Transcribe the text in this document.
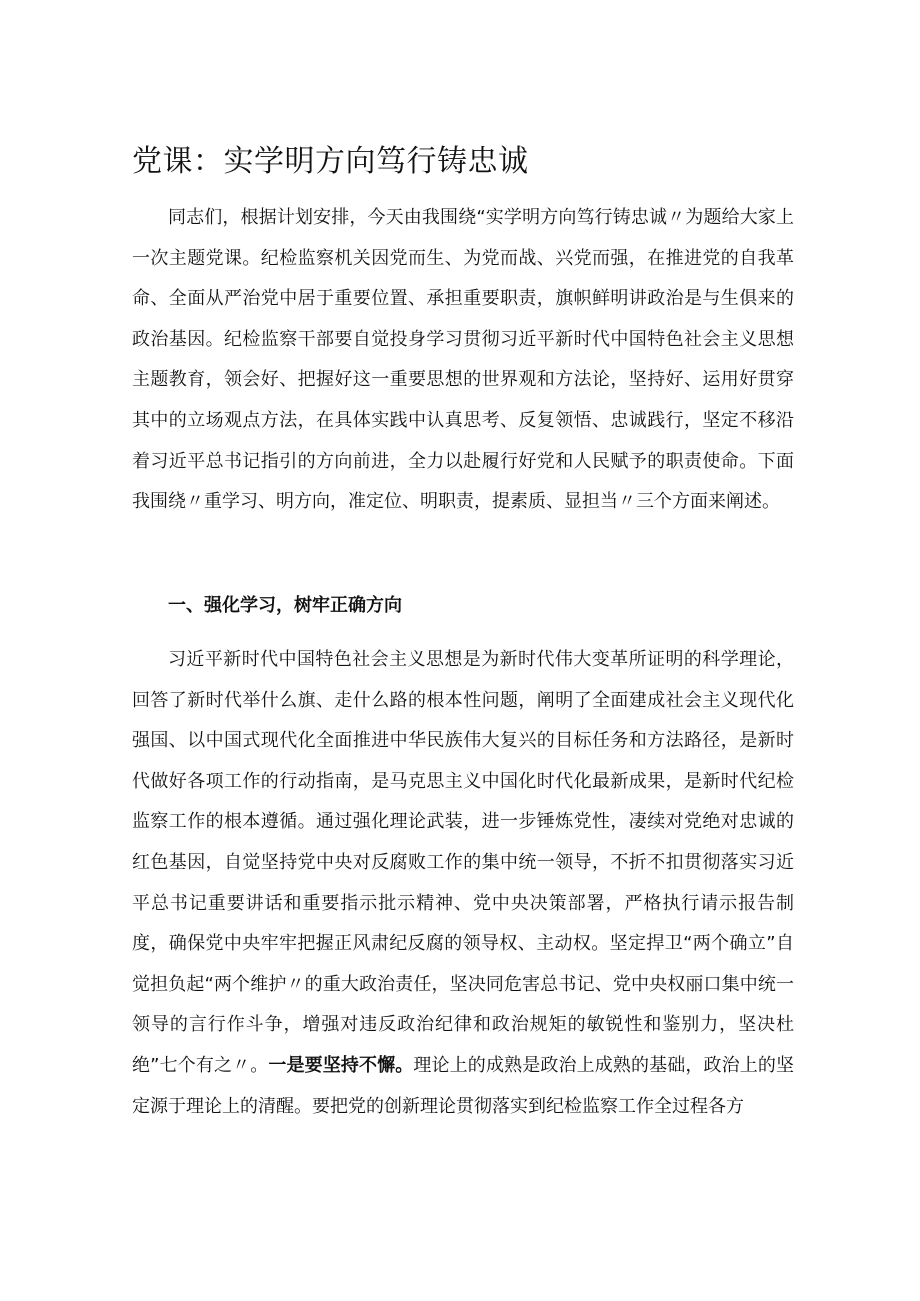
党课：实学明方向笃行铸忠诚

同志们，根据计划安排，今天由我围绕“实学明方向笃行铸忠诚〃为题给大家上一次主题党课。纪检监察机关因党而生、为党而战、兴党而强，在推进党的自我革命、全面从严治党中居于重要位置、承担重要职责，旗帜鲜明讲政治是与生俱来的政治基因。纪检监察干部要自觉投身学习贯彻习近平新时代中国特色社会主义思想主题教育，领会好、把握好这一重要思想的世界观和方法论，坚持好、运用好贯穿其中的立场观点方法，在具体实践中认真思考、反复领悟、忠诚践行，坚定不移沿着习近平总书记指引的方向前进，全力以赴履行好党和人民赋予的职责使命。下面我围绕〃重学习、明方向，准定位、明职责，提素质、显担当〃三个方面来阐述。

一、强化学习，树牢正确方向

习近平新时代中国特色社会主义思想是为新时代伟大变革所证明的科学理论，回答了新时代举什么旗、走什么路的根本性问题，阐明了全面建成社会主义现代化强国、以中国式现代化全面推进中华民族伟大复兴的目标任务和方法路径，是新时代做好各项工作的行动指南，是马克思主义中国化时代化最新成果，是新时代纪检监察工作的根本遵循。通过强化理论武装，进一步锤炼党性，凄续对党绝对忠诚的红色基因，自觉坚持党中央对反腐败工作的集中统一领导，不折不扣贯彻落实习近平总书记重要讲话和重要指示批示精神、党中央决策部署，严格执行请示报告制度，确保党中央牢牢把握正风肃纪反腐的领导权、主动权。坚定捍卫“两个确立”自觉担负起“两个维护〃的重大政治责任，坚决同危害总书记、党中央权丽口集中统一领导的言行作斗争，增强对违反政治纪律和政治规矩的敏锐性和鉴别力，坚决杜绝”七个有之〃。一是要坚持不懈。理论上的成熟是政治上成熟的基础，政治上的坚定源于理论上的清醒。要把党的创新理论贯彻落实到纪检监察工作全过程各方
